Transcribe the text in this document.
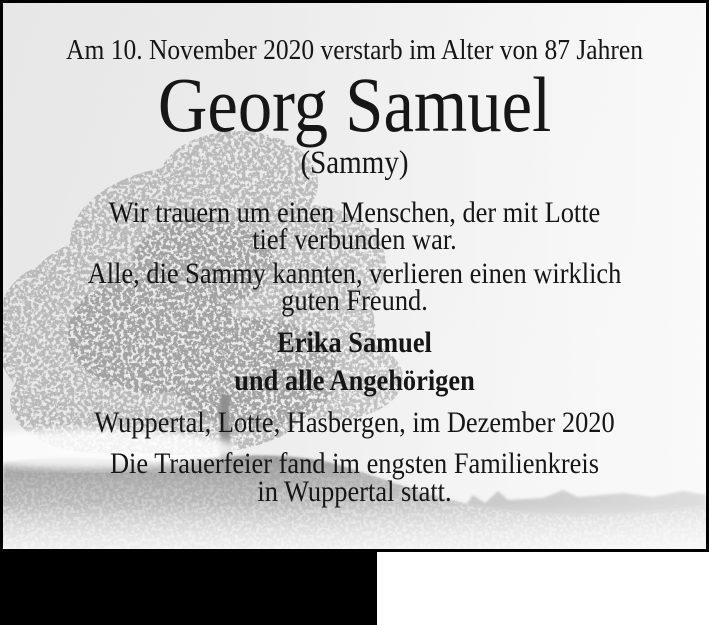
Am 10. November 2020 verstarb im Alter von 87 Jahren
Georg Samuel
(Sammy)

Wir trauern um einen Menschen, der mit Lotte
tief verbunden war.

Alle, die Sammy kannten, verlieren einen wirklich
guten Freund.

Erika Samuel
und alle Angehörigen

Wuppertal, Lotte, Hasbergen, im Dezember 2020

Die Trauerfeier fand im engsten Familienkreis
in Wuppertal statt.
